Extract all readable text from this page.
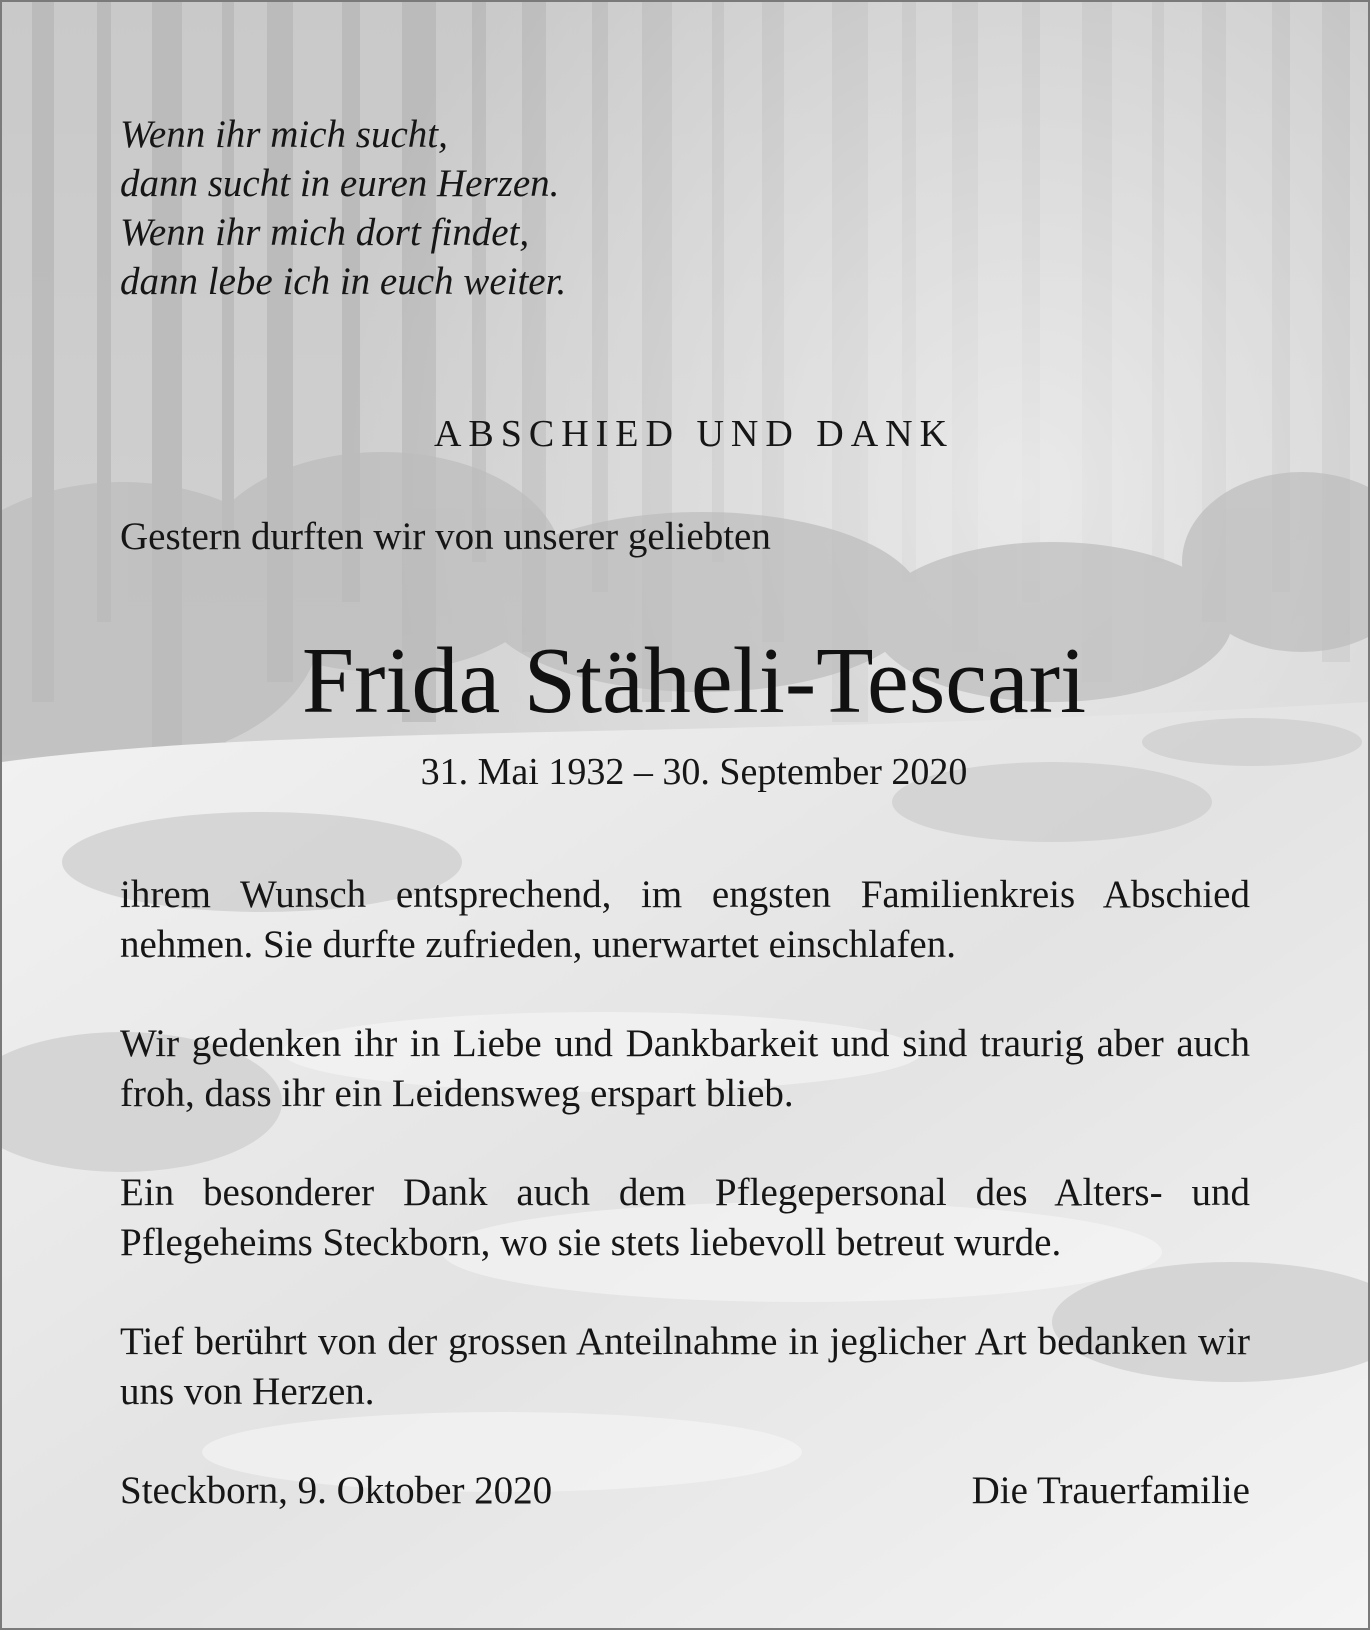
Wenn ihr mich sucht,
dann sucht in euren Herzen.
Wenn ihr mich dort findet,
dann lebe ich in euch weiter.
ABSCHIED UND DANK
Gestern durften wir von unserer geliebten
Frida Stäheli-Tescari
31. Mai 1932 – 30. September 2020
ihrem Wunsch entsprechend, im engsten Familienkreis Abschied nehmen. Sie durfte zufrieden, unerwartet einschlafen.
Wir gedenken ihr in Liebe und Dankbarkeit und sind traurig aber auch froh, dass ihr ein Leidensweg erspart blieb.
Ein besonderer Dank auch dem Pflegepersonal des Alters- und Pflegeheims Steckborn, wo sie stets liebevoll betreut wurde.
Tief berührt von der grossen Anteilnahme in jeglicher Art bedanken wir uns von Herzen.
Steckborn, 9. Oktober 2020	Die Trauerfamilie
